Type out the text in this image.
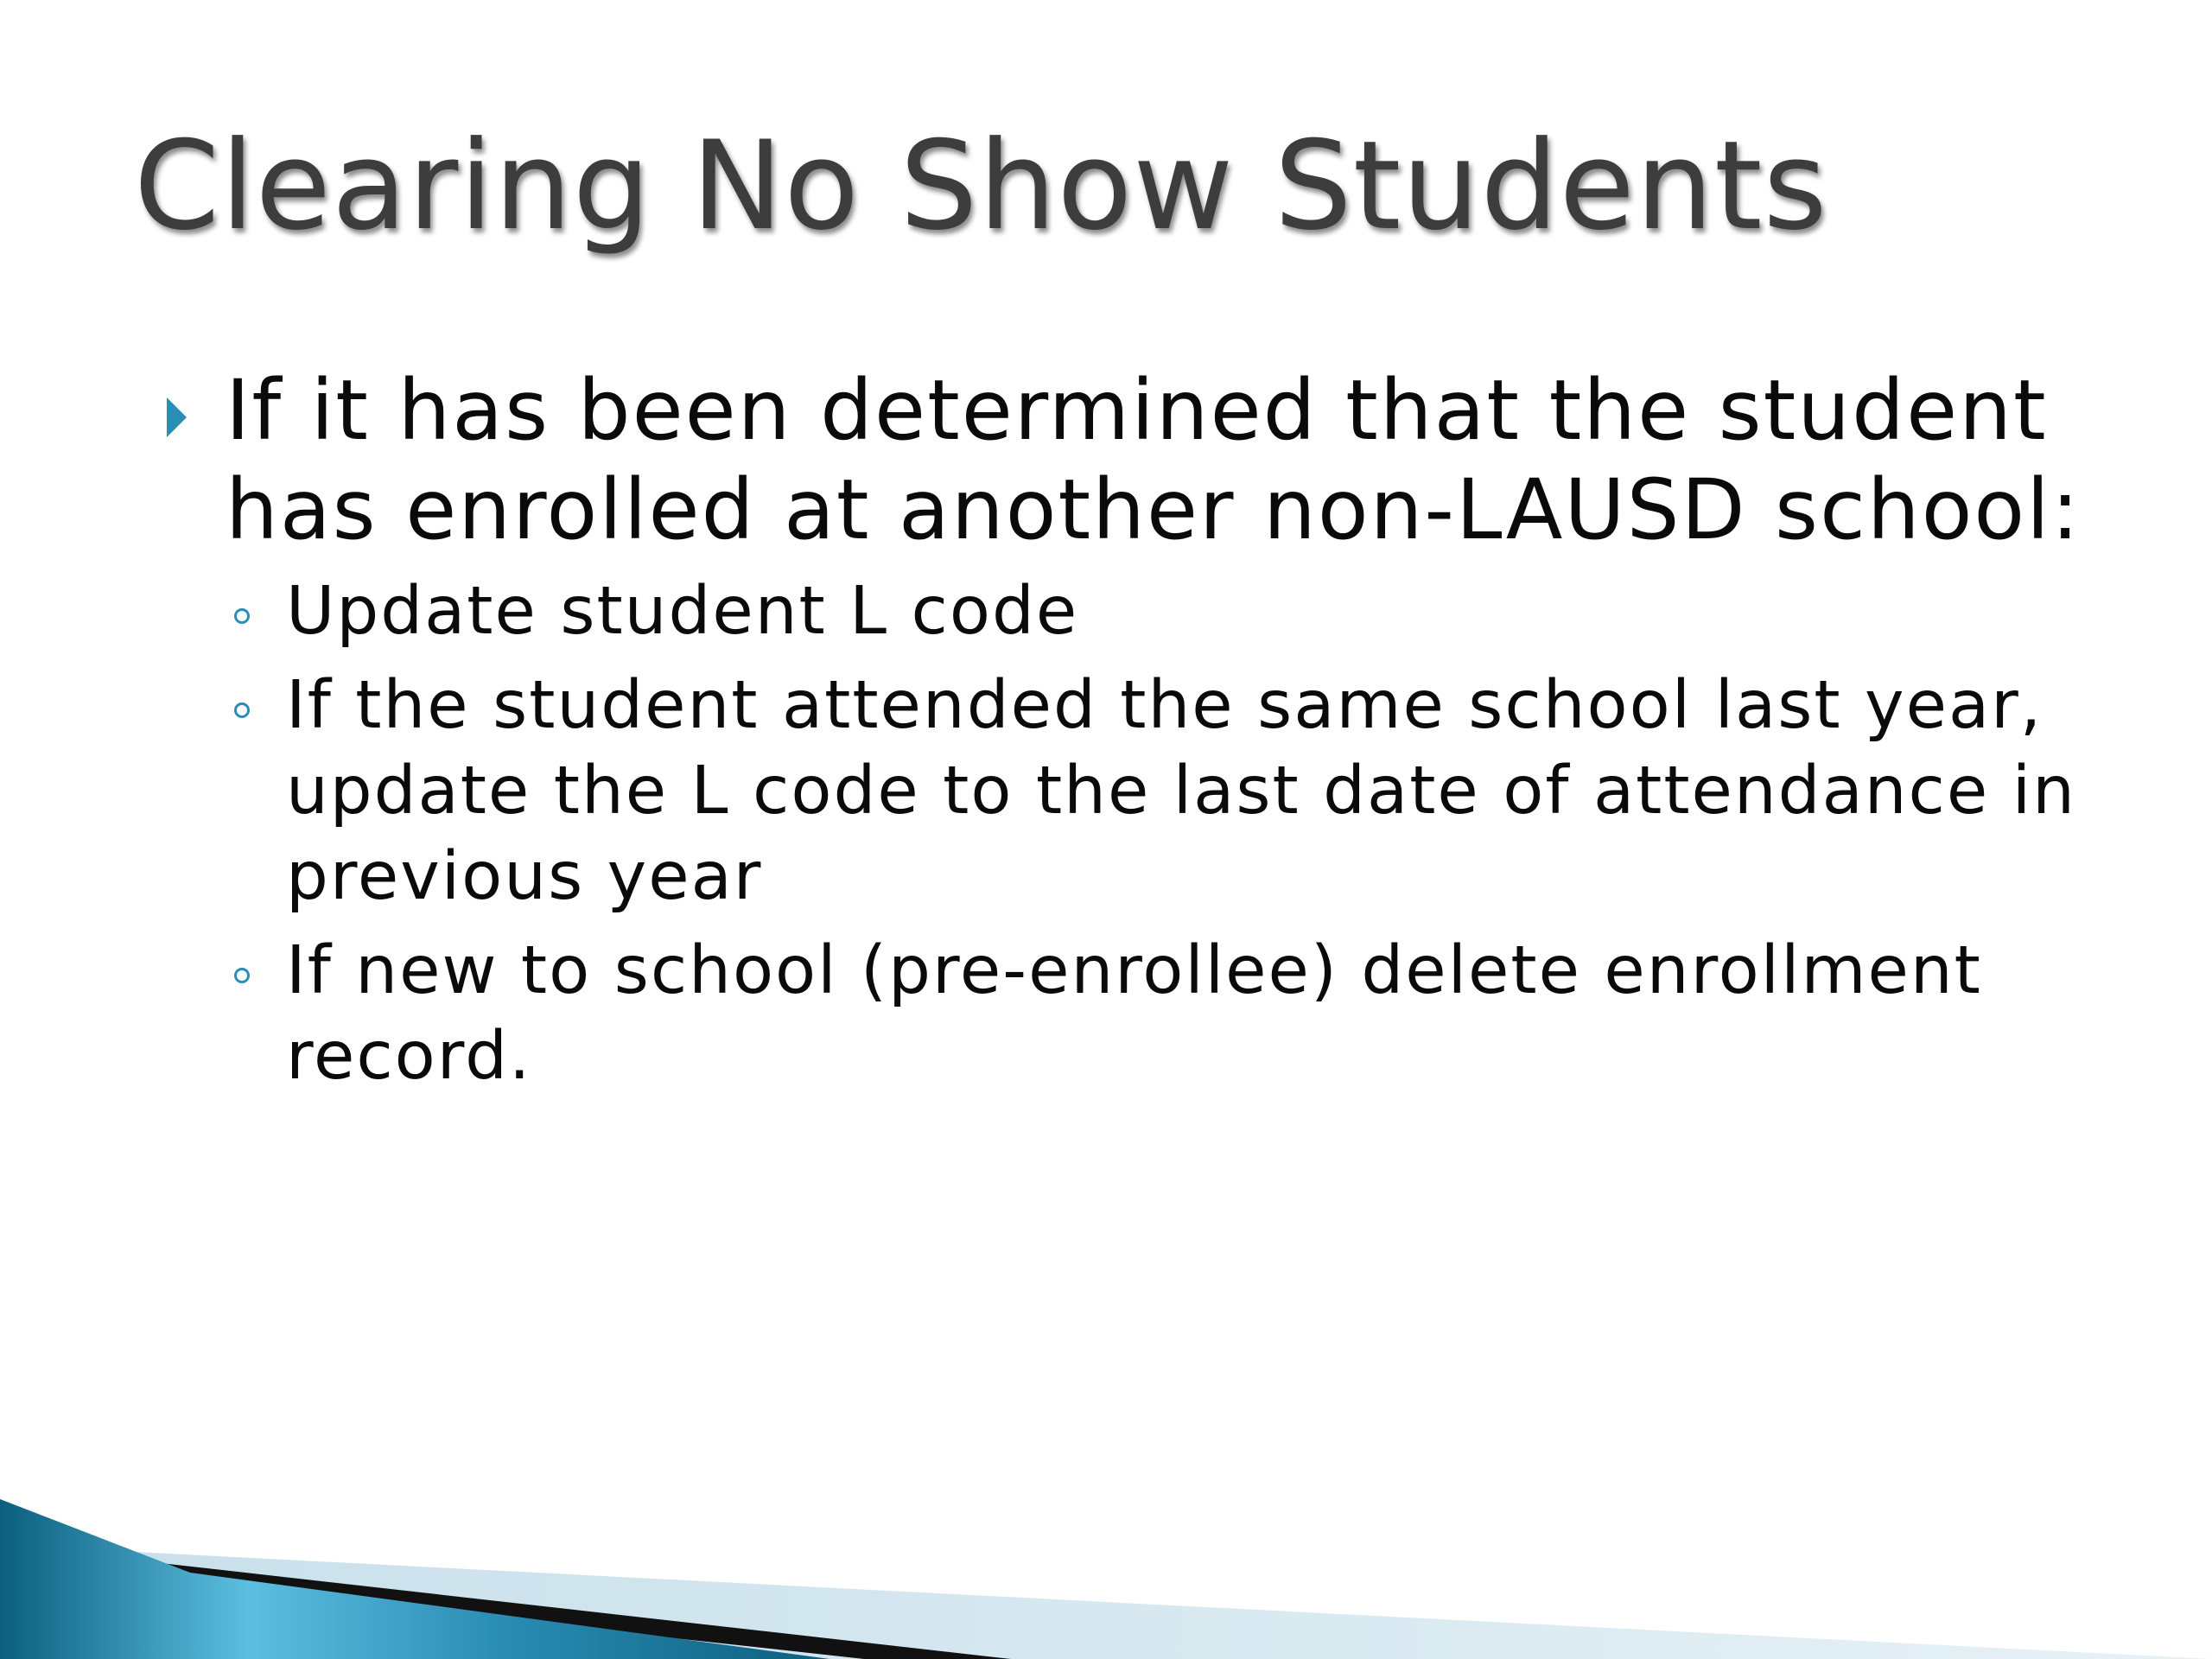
Clearing No Show Students
If it has been determined that the student has enrolled at another non-LAUSD school:
Update student L code
If the student attended the same school last year, update the L code to the last date of attendance in previous year
If new to school (pre-enrollee) delete enrollment record.
